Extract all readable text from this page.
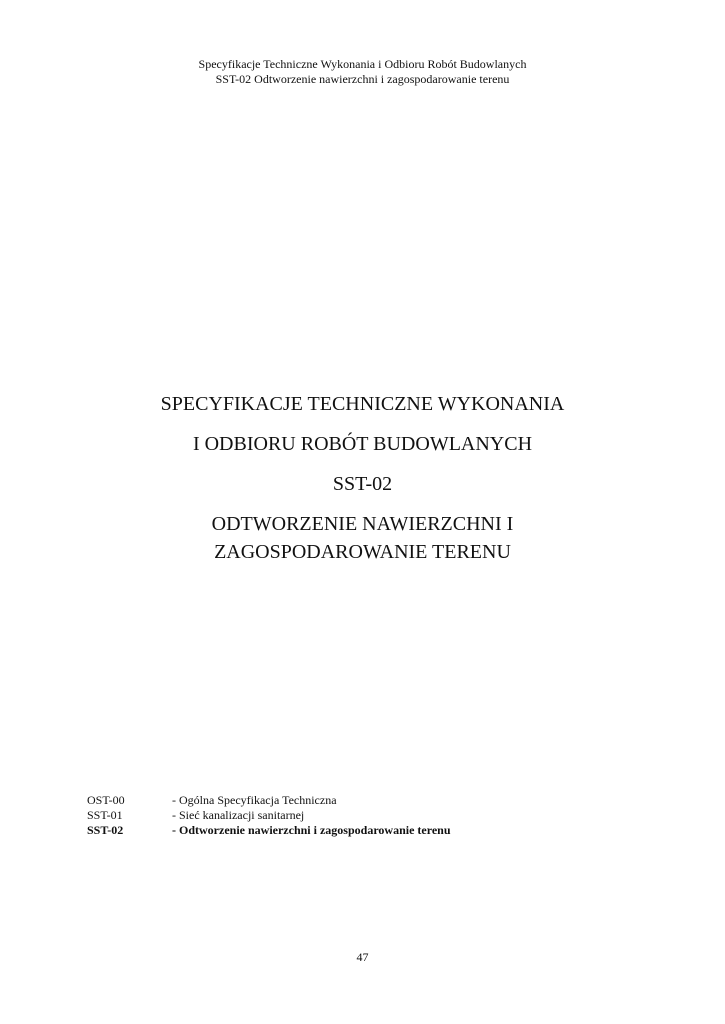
Specyfikacje Techniczne Wykonania i Odbioru Robót Budowlanych
SST-02 Odtworzenie nawierzchni i zagospodarowanie terenu
SPECYFIKACJE TECHNICZNE WYKONANIA
I ODBIORU ROBÓT BUDOWLANYCH
SST-02
ODTWORZENIE NAWIERZCHNI I
ZAGOSPODAROWANIE TERENU
OST-00	- Ogólna Specyfikacja Techniczna
SST-01	- Sieć kanalizacji sanitarnej
SST-02	- Odtworzenie nawierzchni i zagospodarowanie terenu
47
